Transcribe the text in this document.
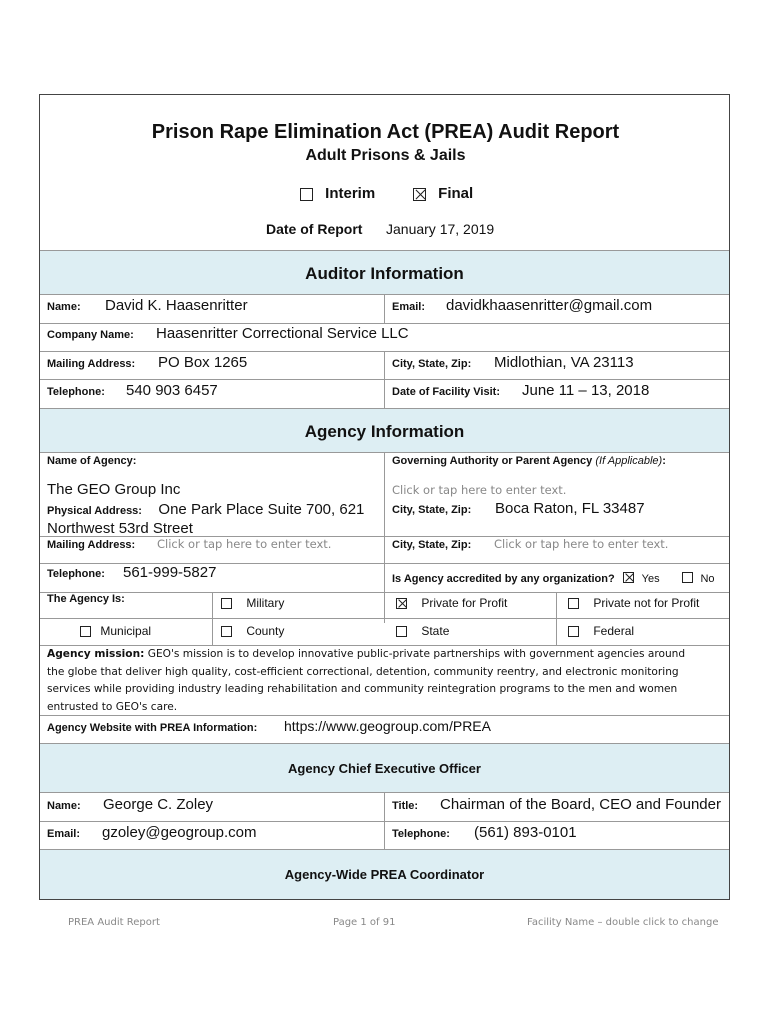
Prison Rape Elimination Act (PREA) Audit Report
Adult Prisons & Jails
Interim	Final
Date of Report January 17, 2019
Auditor Information
Name: David K. Haasenritter	Email: davidkhaasenritter@gmail.com
Company Name: Haasenritter Correctional Service LLC
Mailing Address: PO Box 1265	City, State, Zip: Midlothian, VA 23113
Telephone: 540 903 6457	Date of Facility Visit: June 11 – 13, 2018
Agency Information
Name of Agency:	Governing Authority or Parent Agency (If Applicable):
The GEO Group Inc	Click or tap here to enter text.
Physical Address: One Park Place Suite 700, 621
Northwest 53rd Street
City, State, Zip: Boca Raton, FL 33487
Mailing Address: Click or tap here to enter text.	City, State, Zip: Click or tap here to enter text.
Telephone: 561-999-5827	Is Agency accredited by any organization? Yes	No
The Agency Is:	Military	Private for Profit	Private not for Profit
Municipal	County	State	Federal
Agency mission: GEO's mission is to develop innovative public-private partnerships with government agencies around
the globe that deliver high quality, cost-efficient correctional, detention, community reentry, and electronic monitoring
services while providing industry leading rehabilitation and community reintegration programs to the men and women
entrusted to GEO's care.
Agency Website with PREA Information: https://www.geogroup.com/PREA
Agency Chief Executive Officer
Name: George C. Zoley	Title: Chairman of the Board, CEO and Founder
Email: gzoley@geogroup.com	Telephone: (561) 893-0101
Agency-Wide PREA Coordinator
PREA Audit Report	Page 1 of 91	Facility Name – double click to change
